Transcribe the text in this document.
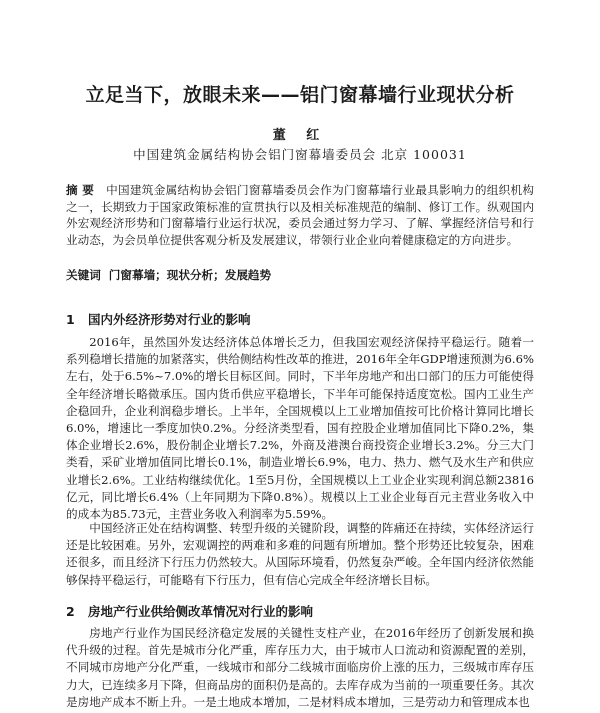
立足当下，放眼未来——铝门窗幕墙行业现状分析
董 红
中国建筑金属结构协会铝门窗幕墙委员会 北京 100031
摘 要 中国建筑金属结构协会铝门窗幕墙委员会作为门窗幕墙行业最具影响力的组织机构之一，长期致力于国家政策标准的宣贯执行以及相关标准规范的编制、修订工作。纵观国内外宏观经济形势和门窗幕墙行业运行状况，委员会通过努力学习、了解、掌握经济信号和行业动态，为会员单位提供客观分析及发展建议，带领行业企业向着健康稳定的方向进步。
关键词 门窗幕墙；现状分析；发展趋势
1 国内外经济形势对行业的影响
2016年，虽然国外发达经济体总体增长乏力，但我国宏观经济保持平稳运行。随着一系列稳增长措施的加紧落实，供给侧结构性改革的推进，2016年全年GDP增速预测为6.6%左右，处于6.5%~7.0%的增长目标区间。同时，下半年房地产和出口部门的压力可能使得全年经济增长略微承压。国内货币供应平稳增长，下半年可能保持适度宽松。国内工业生产企稳回升，企业利润稳步增长。上半年，全国规模以上工业增加值按可比价格计算同比增长6.0%，增速比一季度加快0.2%。分经济类型看，国有控股企业增加值同比下降0.2%，集体企业增长2.6%，股份制企业增长7.2%，外商及港澳台商投资企业增长3.2%。分三大门类看，采矿业增加值同比增长0.1%，制造业增长6.9%，电力、热力、燃气及水生产和供应业增长2.6%。工业结构继续优化。1至5月份，全国规模以上工业企业实现利润总额23816亿元，同比增长6.4%（上年同期为下降0.8%）。规模以上工业企业每百元主营业务收入中的成本为85.73元，主营业务收入利润率为5.59%。
中国经济正处在结构调整、转型升级的关键阶段，调整的阵痛还在持续，实体经济运行还是比较困难。另外，宏观调控的两难和多难的问题有所增加。整个形势还比较复杂，困难还很多，而且经济下行压力仍然较大。从国际环境看，仍然复杂严峻。全年国内经济依然能够保持平稳运行，可能略有下行压力，但有信心完成全年经济增长目标。
2 房地产行业供给侧改革情况对行业的影响
房地产行业作为国民经济稳定发展的关键性支柱产业，在2016年经历了创新发展和换代升级的过程。首先是城市分化严重，库存压力大，由于城市人口流动和资源配置的差别，不同城市房地产分化严重，一线城市和部分二线城市面临房价上涨的压力，三级城市库存压力大，已连续多月下降，但商品房的面积仍是高的。去库存成为当前的一项重要任务。其次是房地产成本不断上升。一是土地成本增加，二是材料成本增加，三是劳动力和管理成本也
